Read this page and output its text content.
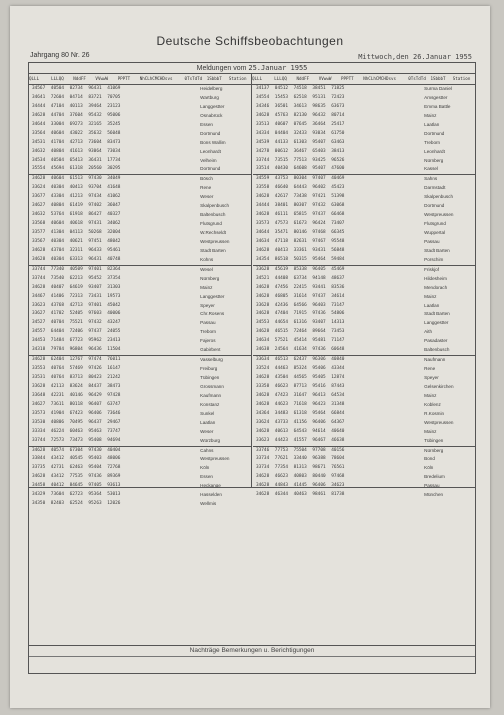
Deutsche Schiffsbeobachtungen
Jahrgang 80 Nr. 26	Mittwoch,den 26.Januar 1955
Meldungen vom 25.Januar 1955
QLLL	LLLQQ	NddFF	VVwwW	PPPTT	NhCLhCMCH Dsvs	0TsTdTd	1SbbbT	Station	QLLL	LLLQQ	NddFF	VVwwW	PPPTT	NhCLhCMCH Dsvs	0TsTdTd	1SbbbT	Station
34567	40504	02734	96431	41069	Heidelberg
34641	72604	04714	83721	70705	Wartburg
34444	47104	40113	39464	23123	Langgestter
34628	44704	37604	95432	95006	Osnabrück
34644	33004	69273	32165	35245	Essen
33564	40604	43022	35632	56048	Dortmund
34531	41704	42713	73604	83473	Bons Wallim
34632	40804	41613	93064	73034	Leonhardt
34534	40504	65413	36431	17734	Velheim
35554	45694	61318	20560	30295	Dortmund
34628	40604	61513	97430	34049	Bösch
33624	40304	40413	93704	41648	Rene
33677	43304	41213	97434	41062	Weser
34627	40804	61419	97402	36047	Skalpenbusch
34632	53764	61918	86427	40327	Baltenbusch
33568	40604	40618	97431	34062	Flutsgrund
33577	41304	04113	50268	32004	W.Rechseldt
33567	40304	40621	97451	48042	Westpreussen
34628	43704	32311	96433	95461	Stadt Barten
34628	40304	63313	96431	40748	Kohns
33744	77340	40509	97401	82364	Wesel
33744	73540	62213	95452	37354	Nürnberg
34628	40407	64619	93407	31303	Mainz
34467	41406	72313	73431	19573	Langgestter
33623	43768	42713	97401	45042	Speyer
33627	41702	52405	97603	40006	Chr.Rosens
34527	40704	75521	97432	43247	Passau
34557	64404	72406	97437	24055	Treborn
34453	71484	67723	95962	23413	Fajeros
34318	79784	96804	96436	11504	Gabirbent
34628	62404	12767	97474	76011	Vasselburg
33553	40764	57469	97426	16147	Freiburg
33531	40764	83713	80423	21242	Tübingen
33628	42113	83624	84437	38473	Grossmann
33648	42231	40146	96429	97428	Kaufmann
34627	73611	80118	96407	63747	Konstanz
33573	41904	67423	96406	73646	Sunkel
33530	40806	70495	96437	29467	Laatlan
33334	46224	60463	95463	73747	Weser
33744	72573	73473	95408	94694	Würzburg
34628	40574	67304	97430	40404	Cahns
33844	43412	40545	95403	48006	Westpreussen
33735	42731	62463	95404	72768	Köln
34628	43412	77535	97436	89369	Essen
34458	40412	84645	97405	93613	Heckange
34329	73604	62723	95364	53013	Hasselden
34350	82403	62524	95263	12026	Wellmis
34137	04512	74518	38451	71825	Surma Daniel
34554	15453	62518	95131	72423	Amsgestter
34346	36501	34613	98635	63673	Emma Battle
34628	45763	82130	96432	80714	Mainz
33513	40607	07645	36464	25417	Laatlan
34334	04404	32433	93034	61750	Dortmund
34539	44133	61303	95407	63463	Treborn
34278	00612	36467	65403	38413	Leonhardt
33744	73515	77513	93425	96526	Nürnberg
33514	40430	64608	95407	47600	Kassel
34559	43753	80304	97407	40469	Sahns
33558	46640	64443	96402	45423	Darmstadt
34628	42617	73438	97421	51398	Skalpenbusch
34444	38401	80307	97432	63068	Dortmund
34628	46111	65815	97437	66468	Westpreussen
33573	47573	61673	96424	73407	Flutsgrund
34644	35471	80146	97468	66345	Wuppertal
34634	47118	82631	97467	95548	Passau
34628	40413	33361	93431	56848	Stadt Barten
34354	86518	50315	95464	59484	Porschim
33628	45619	85338	96405	45469	Friskjof
34521	44408	63734	94148	48637	Hildesheim
34628	47456	22415	93441	83536	Mendorach
34628	46805	31614	97437	34614	Mainz
33628	42436	64566	96403	73147	Laatlan
34628	47404	71915	97436	54806	Stadt Barten
34553	44654	61316	93407	14313	Langgestter
34628	46515	72464	89664	73453	Aith
34634	57521	45414	95481	71147	Pasadaster
34638	24564	41634	97436	60648	Baltenbusch
33634	46513	62437	96306	40840	Naufmann
33524	44463	85324	95406	43344	Rene
34628	43504	44565	95405	12874	Speyer
33358	46623	87713	95416	87443	Gelsenkirchen
34628	47423	31647	96413	64534	Mainz
34628	44623	71618	96423	31348	Koblenz
34364	34483	61318	95464	66844	R.Kosmin
33624	43733	41156	96406	64367	Westpreussen
34628	40613	64543	94614	40640	Mainz
33623	44423	41557	96467	46638	Tübingen
33746	77753	75504	97708	40156	Nürnberg
33734	77621	33440	96388	78604	Bond
33734	77354	81313	98671	76561	Köln
34628	46623	40803	80440	97468	Bredelium
34628	44843	41445	96406	34623	Passau
34628	46344	40463	98461	81738	München
Nachträge Bemerkungen u. Berichtigungen
